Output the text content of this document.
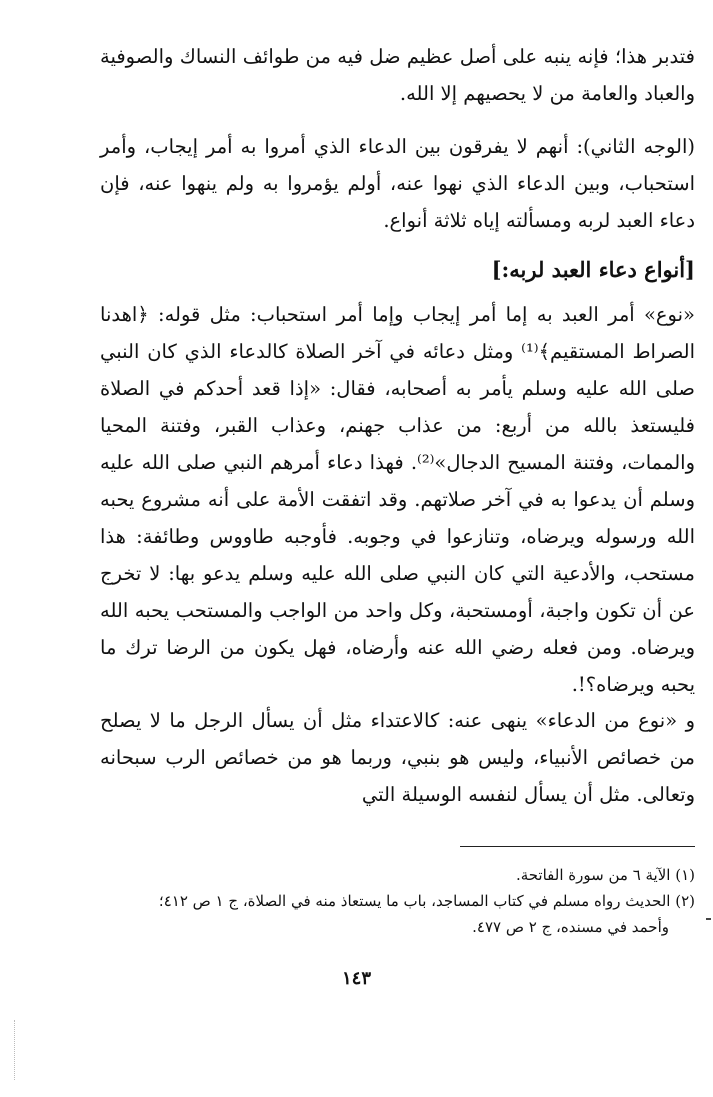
فتدبر هذا؛ فإنه ينبه على أصل عظيم ضل فيه من طوائف النساك والصوفية والعباد والعامة من لا يحصيهم إلا الله.

(الوجه الثاني): أنهم لا يفرقون بين الدعاء الذي أمروا به أمر إيجاب، وأمر استحباب، وبين الدعاء الذي نهوا عنه، أولم يؤمروا به ولم ينهوا عنه، فإن دعاء العبد لربه ومسألته إياه ثلاثة أنواع.

[أنواع دعاء العبد لربه:]

«نوع» أمر العبد به إما أمر إيجاب وإما أمر استحباب: مثل قوله: ﴿اهدنا الصراط المستقيم﴾⁽¹⁾ ومثل دعائه في آخر الصلاة كالدعاء الذي كان النبي صلى الله عليه وسلم يأمر به أصحابه، فقال: «إذا قعد أحدكم في الصلاة فليستعذ بالله من أربع: من عذاب جهنم، وعذاب القبر، وفتنة المحيا والممات، وفتنة المسيح الدجال»⁽²⁾. فهذا دعاء أمرهم النبي صلى الله عليه وسلم أن يدعوا به في آخر صلاتهم. وقد اتفقت الأمة على أنه مشروع يحبه الله ورسوله ويرضاه، وتنازعوا في وجوبه. فأوجبه طاووس وطائفة: هذا مستحب، والأدعية التي كان النبي صلى الله عليه وسلم يدعو بها: لا تخرج عن أن تكون واجبة، أومستحبة، وكل واحد من الواجب والمستحب يحبه الله ويرضاه. ومن فعله رضي الله عنه وأرضاه، فهل يكون من الرضا ترك ما يحبه ويرضاه؟!.

و «نوع من الدعاء» ينهى عنه: كالاعتداء مثل أن يسأل الرجل ما لا يصلح من خصائص الأنبياء، وليس هو بنبي، وربما هو من خصائص الرب سبحانه وتعالى. مثل أن يسأل لنفسه الوسيلة التي

(١) الآية ٦ من سورة الفاتحة.
(٢) الحديث رواه مسلم في كتاب المساجد، باب ما يستعاذ منه في الصلاة، ج ١ ص ٤١٢؛
وأحمد في مسنده، ج ٢ ص ٤٧٧.
١٤٣
